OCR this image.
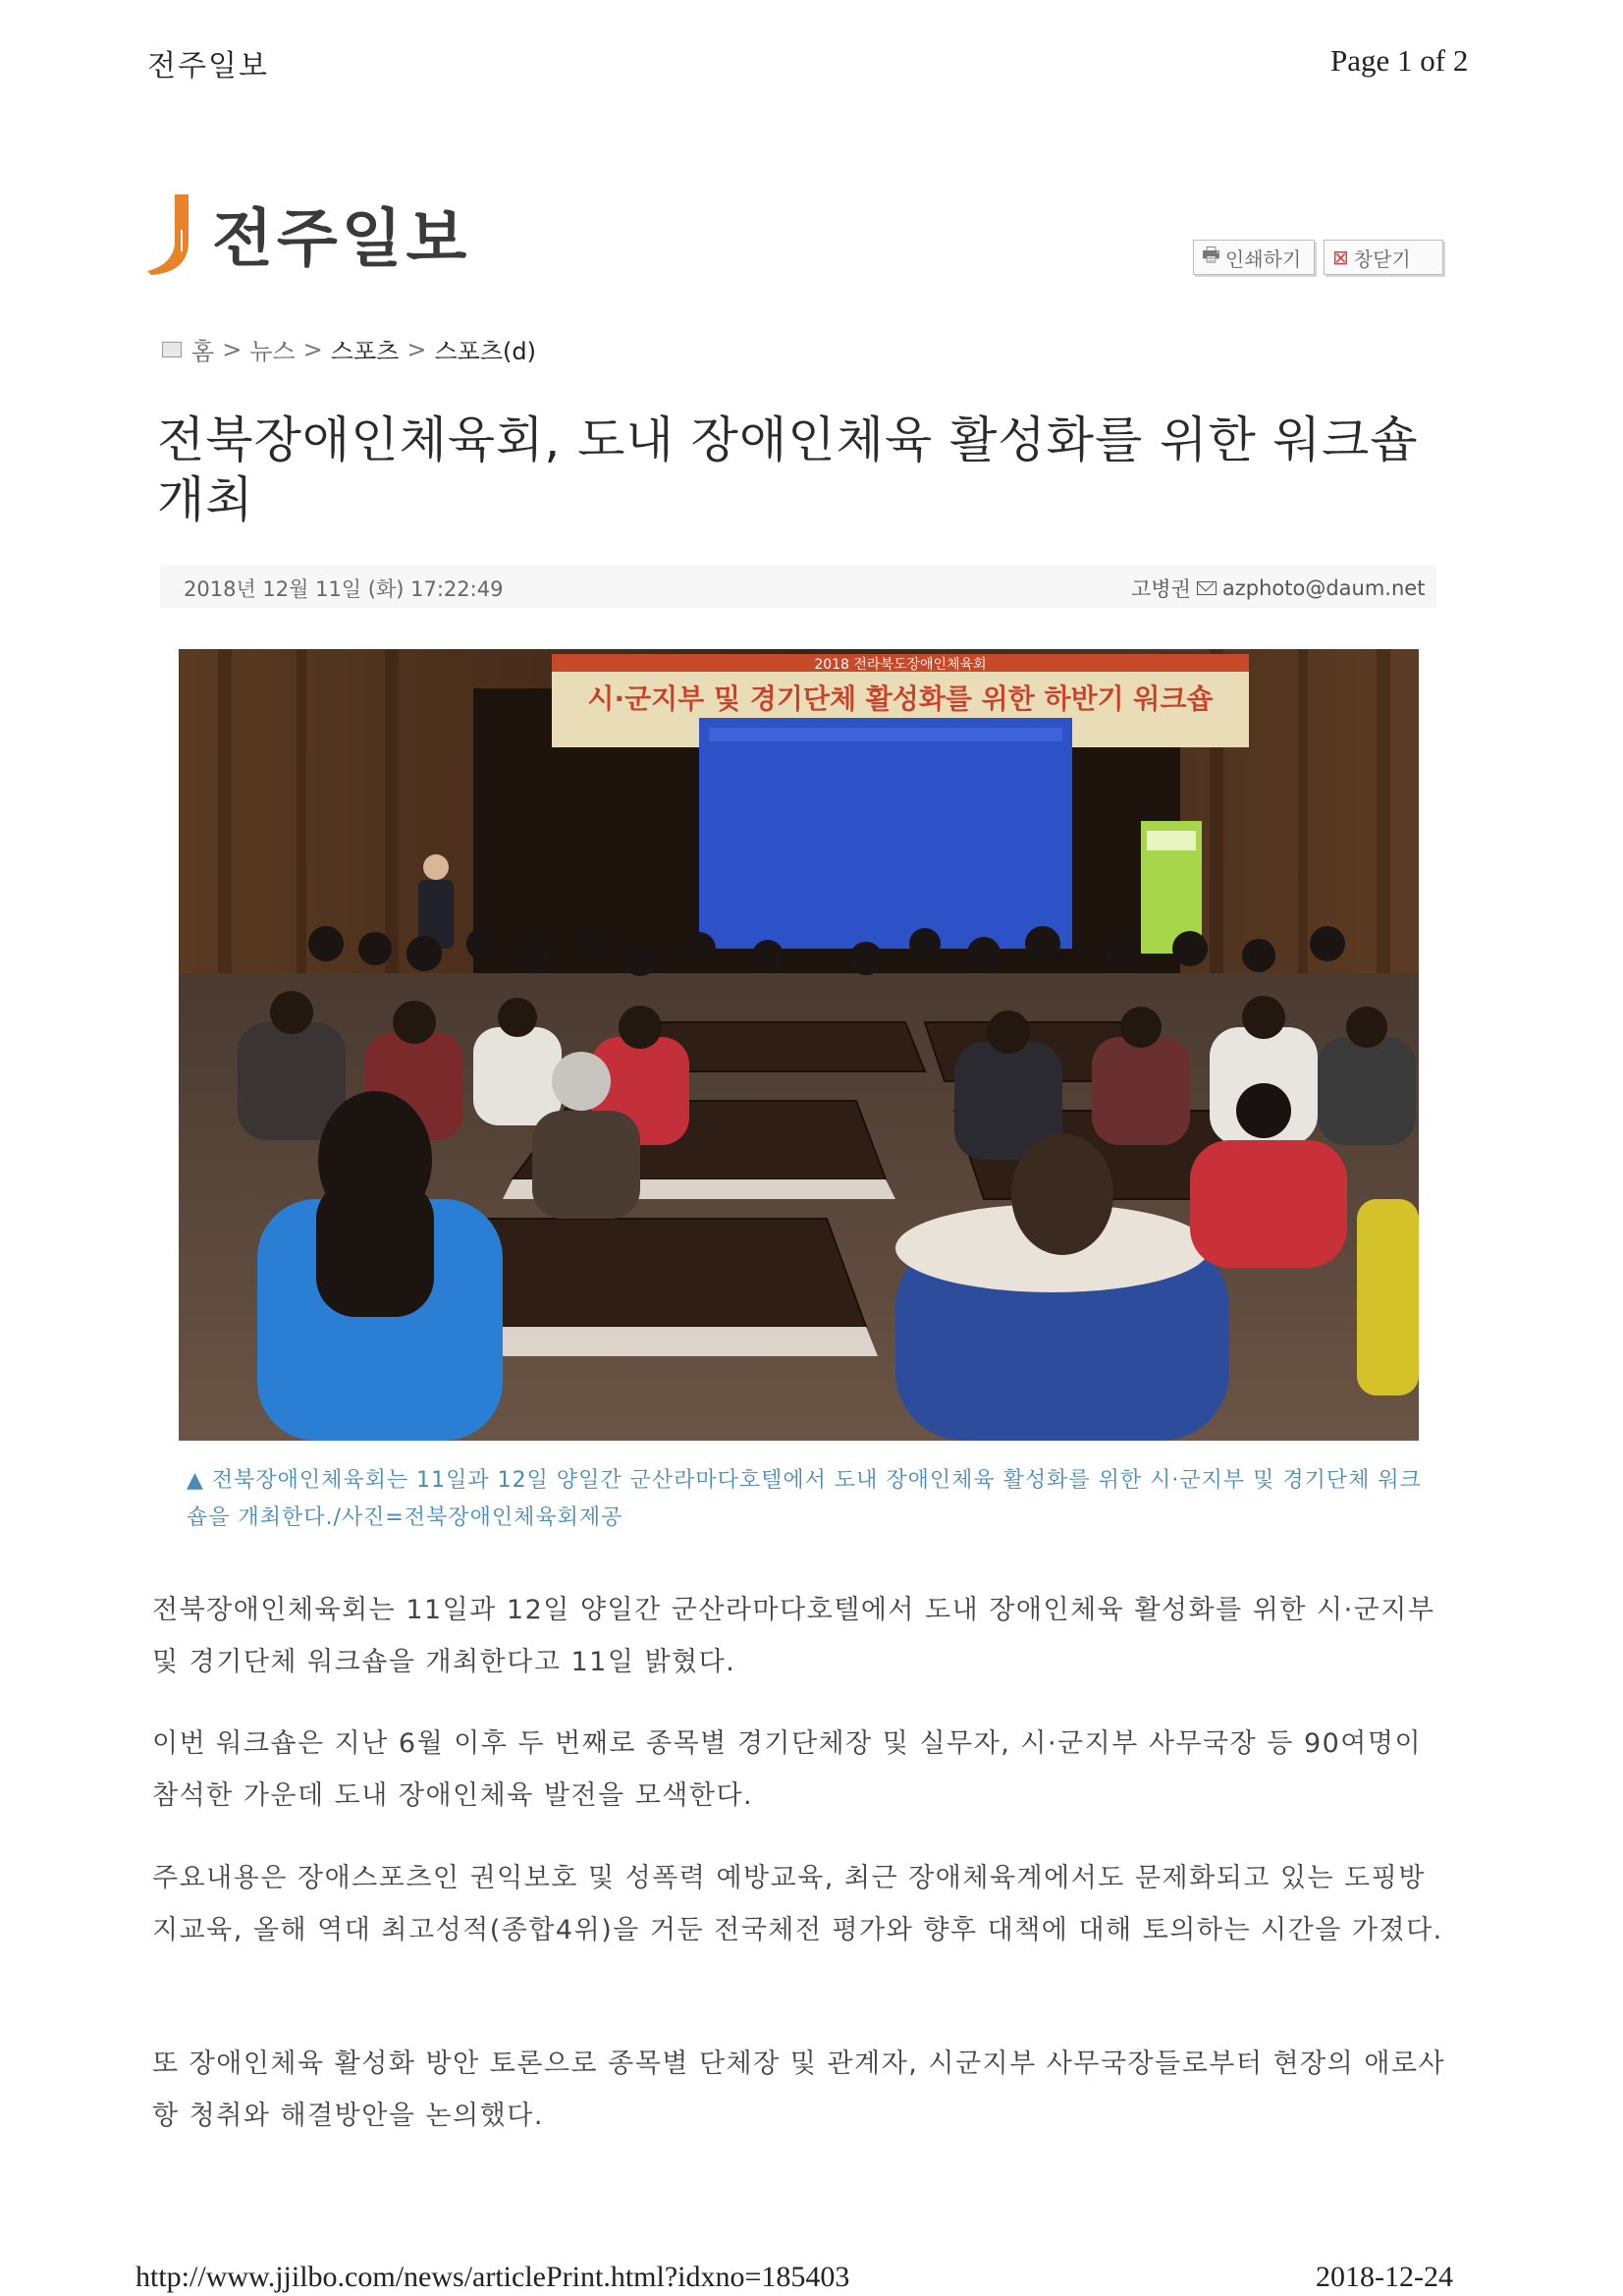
전주일보	Page 1 of 2
전주일보	🖶 인쇄하기 ⊠ 창닫기
홈 > 뉴스 > 스포츠 > 스포츠(d)
전북장애인체육회, 도내 장애인체육 활성화를 위한 워크숍 개최
2018년 12월 11일 (화) 17:22:49	고병권 azphoto@daum.net
2018 전라북도장애인체육회
시·군지부 및 경기단체 활성화를 위한 하반기 워크숍
▲ 전북장애인체육회는 11일과 12일 양일간 군산라마다호텔에서 도내 장애인체육 활성화를 위한 시·군지부 및 경기단체 워크숍을 개최한다./사진=전북장애인체육회제공
전북장애인체육회는 11일과 12일 양일간 군산라마다호텔에서 도내 장애인체육 활성화를 위한 시·군지부 및 경기단체 워크숍을 개최한다고 11일 밝혔다.
이번 워크숍은 지난 6월 이후 두 번째로 종목별 경기단체장 및 실무자, 시·군지부 사무국장 등 90여명이 참석한 가운데 도내 장애인체육 발전을 모색한다.
주요내용은 장애스포츠인 권익보호 및 성폭력 예방교육, 최근 장애체육계에서도 문제화되고 있는 도핑방지교육, 올해 역대 최고성적(종합4위)을 거둔 전국체전 평가와 향후 대책에 대해 토의하는 시간을 가졌다.
또 장애인체육 활성화 방안 토론으로 종목별 단체장 및 관계자, 시군지부 사무국장들로부터 현장의 애로사항 청취와 해결방안을 논의했다.
http://www.jjilbo.com/news/articlePrint.html?idxno=185403	2018-12-24
